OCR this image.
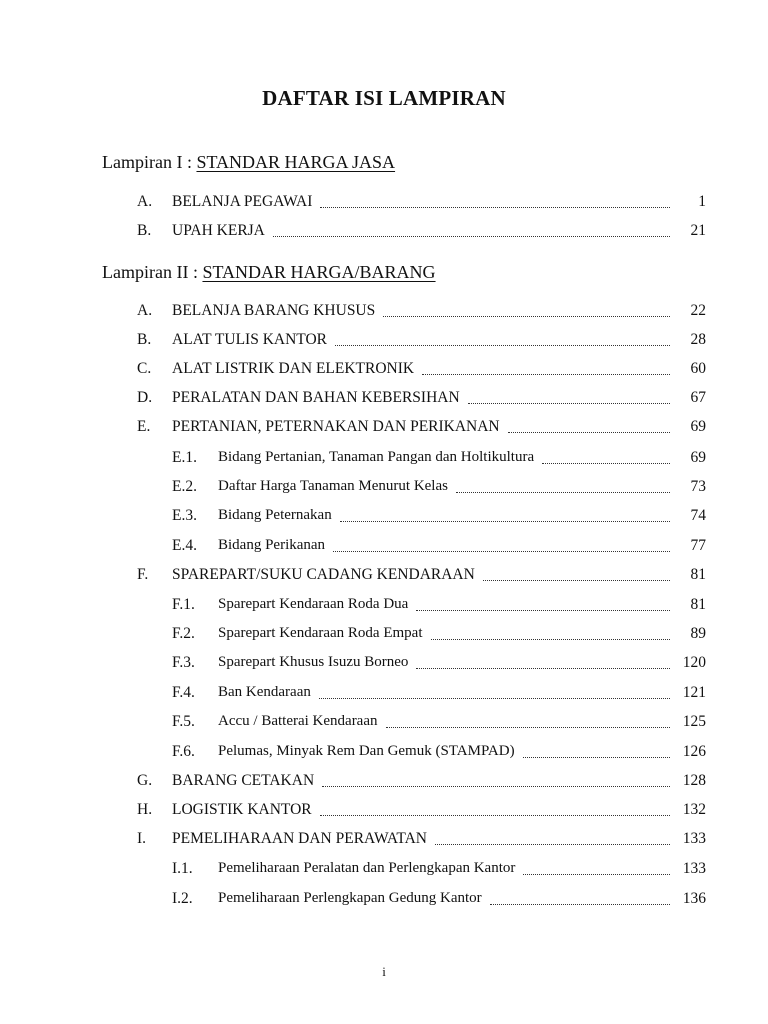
DAFTAR ISI LAMPIRAN
Lampiran I : STANDAR HARGA JASA
A. BELANJA PEGAWAI	1
B. UPAH KERJA	21
Lampiran II : STANDAR HARGA/BARANG
A. BELANJA BARANG KHUSUS	22
B. ALAT TULIS KANTOR	28
C. ALAT LISTRIK DAN ELEKTRONIK	60
D. PERALATAN DAN BAHAN KEBERSIHAN	67
E. PERTANIAN, PETERNAKAN DAN PERIKANAN	69
E.1. Bidang Pertanian, Tanaman Pangan dan Holtikultura	69
E.2. Daftar Harga Tanaman Menurut Kelas	73
E.3. Bidang Peternakan	74
E.4. Bidang Perikanan	77
F. SPAREPART/SUKU CADANG KENDARAAN	81
F.1. Sparepart Kendaraan Roda Dua	81
F.2. Sparepart Kendaraan Roda Empat	89
F.3. Sparepart Khusus Isuzu Borneo	120
F.4. Ban Kendaraan	121
F.5. Accu / Batterai Kendaraan	125
F.6. Pelumas, Minyak Rem Dan Gemuk (STAMPAD)	126
G. BARANG CETAKAN	128
H. LOGISTIK KANTOR	132
I. PEMELIHARAAN DAN PERAWATAN	133
I.1. Pemeliharaan Peralatan dan Perlengkapan Kantor	133
I.2. Pemeliharaan Perlengkapan Gedung Kantor	136
i
